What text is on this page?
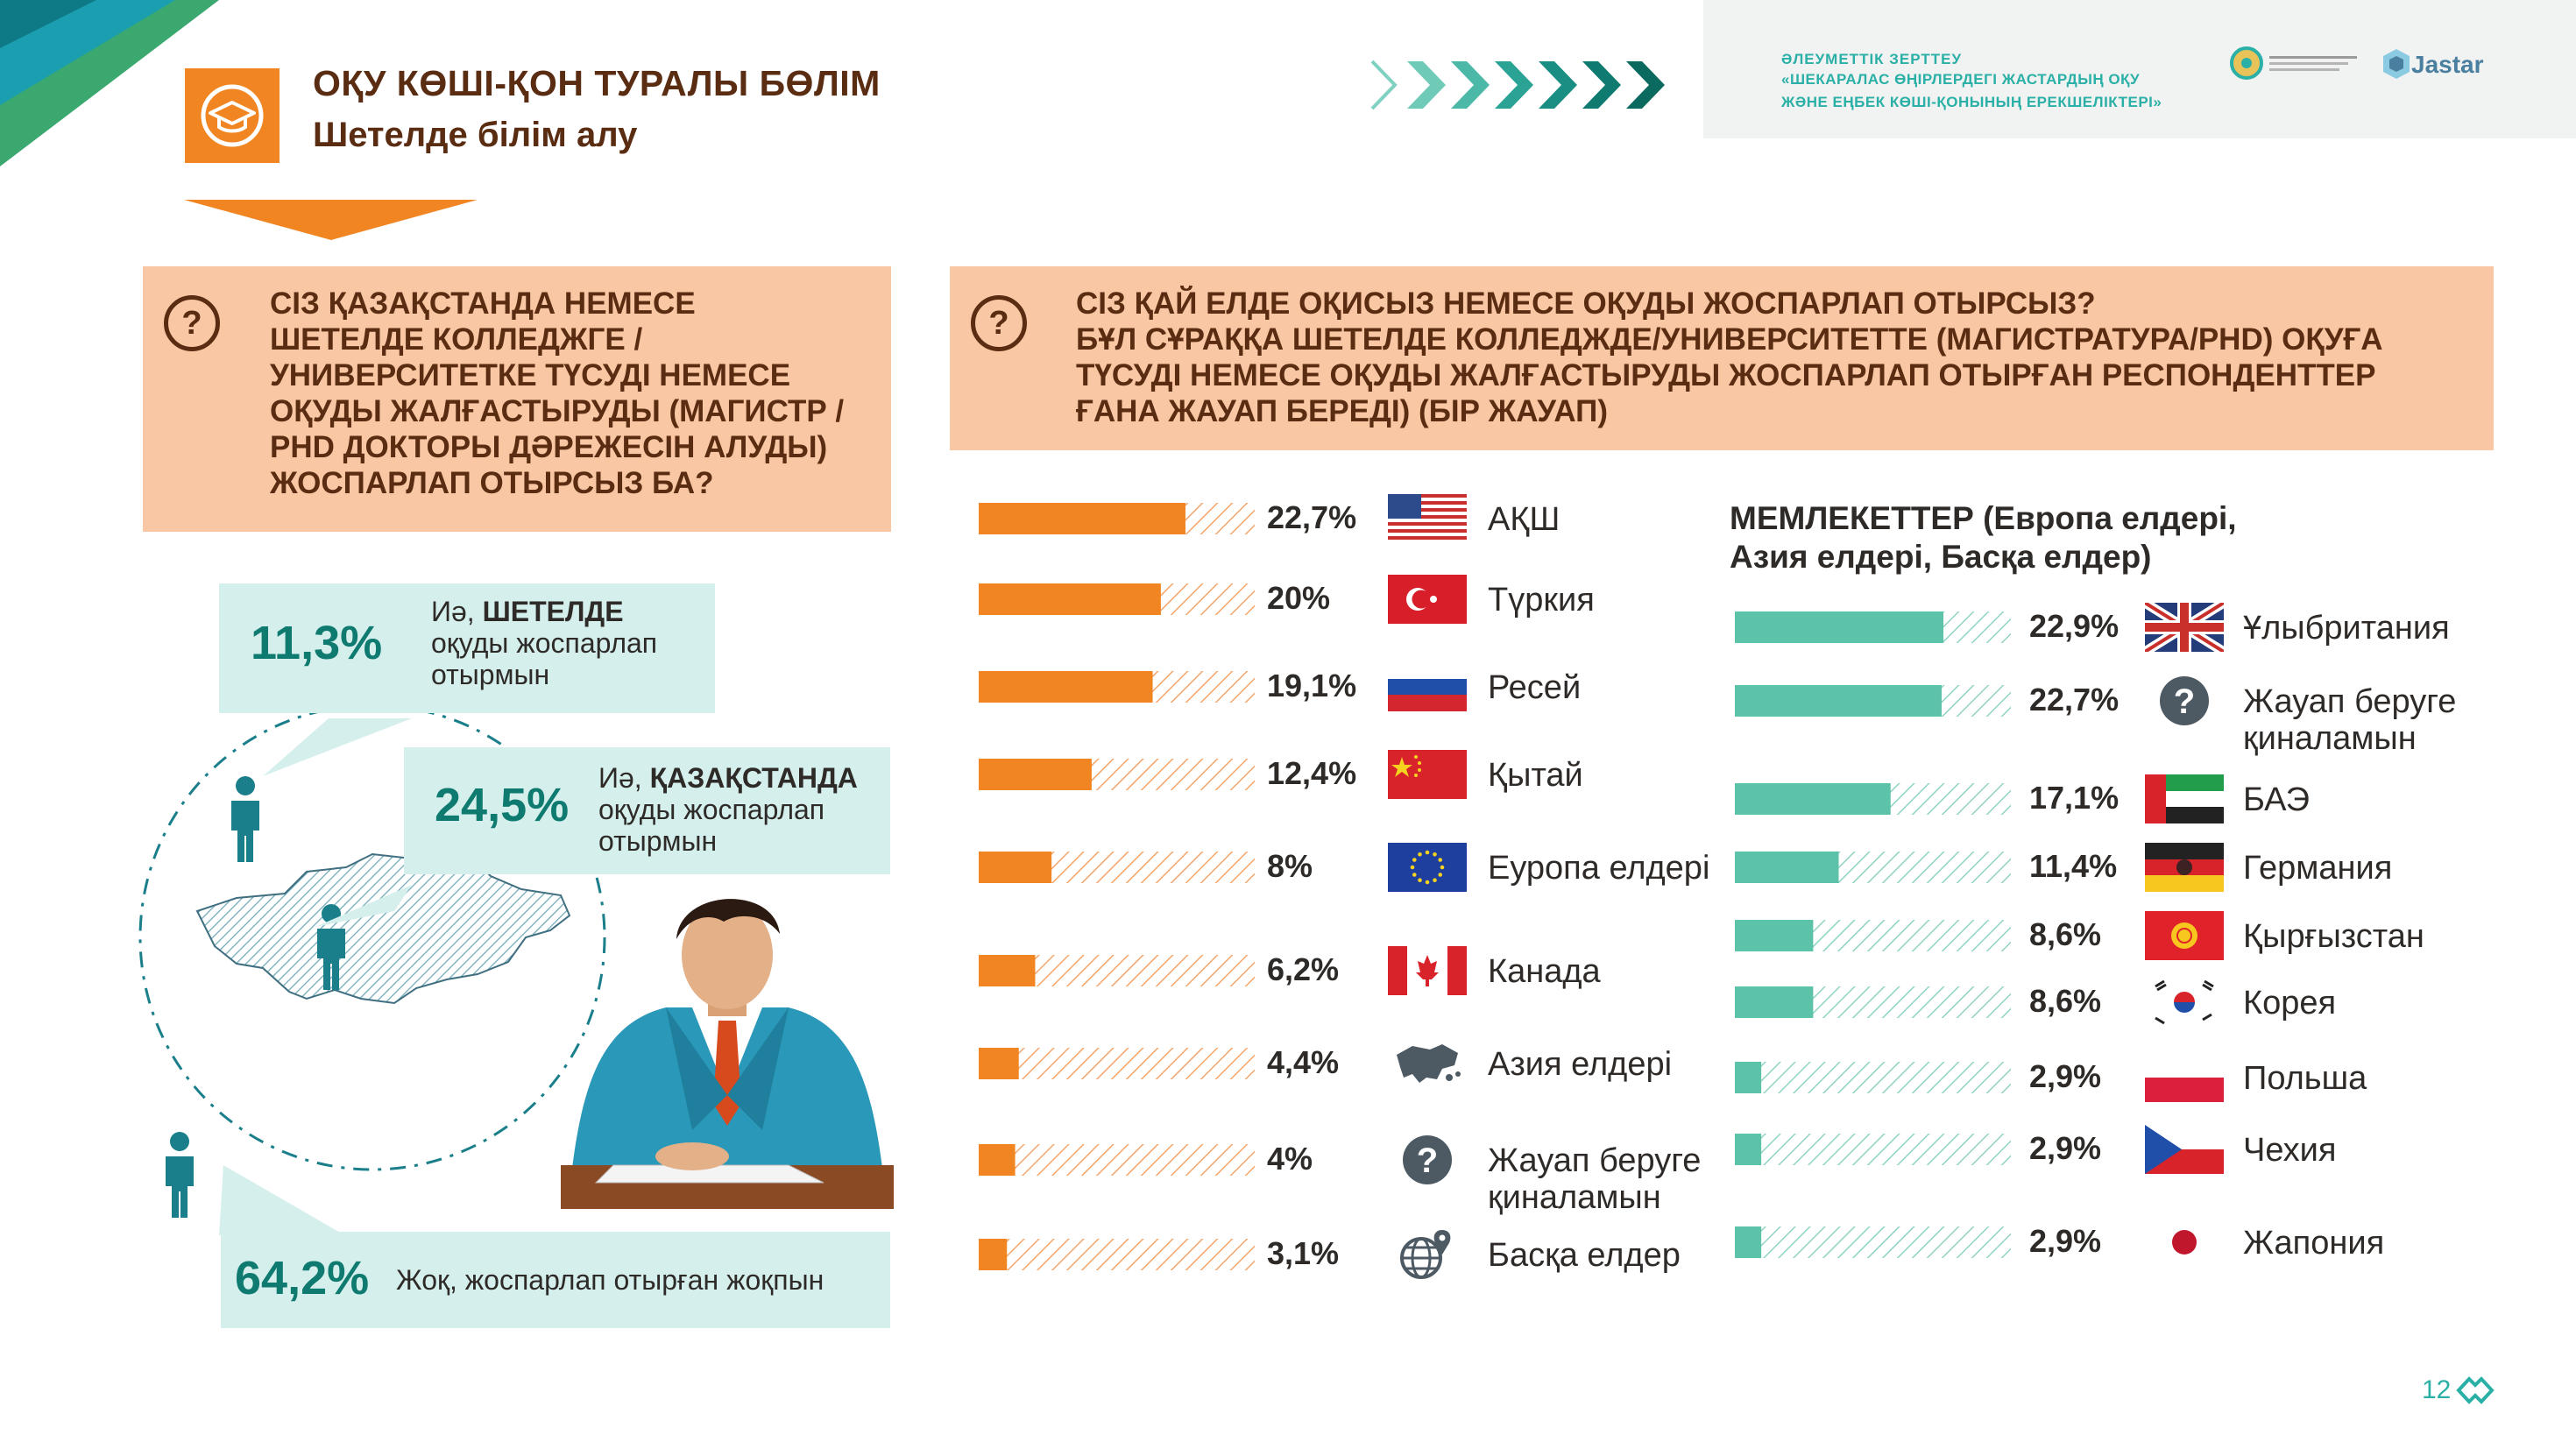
ОҚУ КӨШІ-ҚОН ТУРАЛЫ БӨЛІМ
Шетелде білім алу
ӘЛЕУМЕТТІК ЗЕРТТЕУ
«ШЕКАРАЛАС ӨҢІРЛЕРДЕГІ ЖАСТАРДЫҢ ОҚУ
ЖӘНЕ ЕҢБЕК КӨШІ-ҚОНЫНЫҢ ЕРЕКШЕЛІКТЕРІ»
Jastar
?
СІЗ ҚАЗАҚСТАНДА НЕМЕСЕ
ШЕТЕЛДЕ КОЛЛЕДЖГЕ /
УНИВЕРСИТЕТКЕ ТҮСУДІ НЕМЕСЕ
ОҚУДЫ ЖАЛҒАСТЫРУДЫ (МАГИСТР /
PHD ДОКТОРЫ ДӘРЕЖЕСІН АЛУДЫ)
ЖОСПАРЛАП ОТЫРСЫЗ БА?
?
СІЗ ҚАЙ ЕЛДЕ ОҚИСЫЗ НЕМЕСЕ ОҚУДЫ ЖОСПАРЛАП ОТЫРСЫЗ?
БҰЛ СҰРАҚҚА ШЕТЕЛДЕ КОЛЛЕДЖДЕ/УНИВЕРСИТЕТТЕ (МАГИСТРАТУРА/PHD) ОҚУҒА
ТҮСУДІ НЕМЕСЕ ОҚУДЫ ЖАЛҒАСТЫРУДЫ ЖОСПАРЛАП ОТЫРҒАН РЕСПОНДЕНТТЕР
ҒАНА ЖАУАП БЕРЕДІ) (БІР ЖАУАП)
11,3%
Иә, ШЕТЕЛДЕ
оқуды жоспарлап
отырмын
24,5%
Иә, ҚАЗАҚСТАНДА
оқуды жоспарлап
отырмын
64,2% Жоқ, жоспарлап отырған жоқпын
22,7%	АҚШ
20%	Түркия
19,1%	Ресей
12,4%	Қытай
8%	Еуропа елдері
6,2%	Канада
4,4%	Азия елдері
4%	? Жауап беруге қиналамын
3,1%	Басқа елдер
МЕМЛЕКЕТТЕР (Европа елдері,
Азия елдері, Басқа елдер)
22,9%	Ұлыбритания
22,7% ? Жауап беруге қиналамын
17,1%	БАЭ
11,4%	Германия
8,6%	Қырғызстан
8,6%	Корея
2,9%	Польша
2,9%	Чехия
2,9%	Жапония
12
